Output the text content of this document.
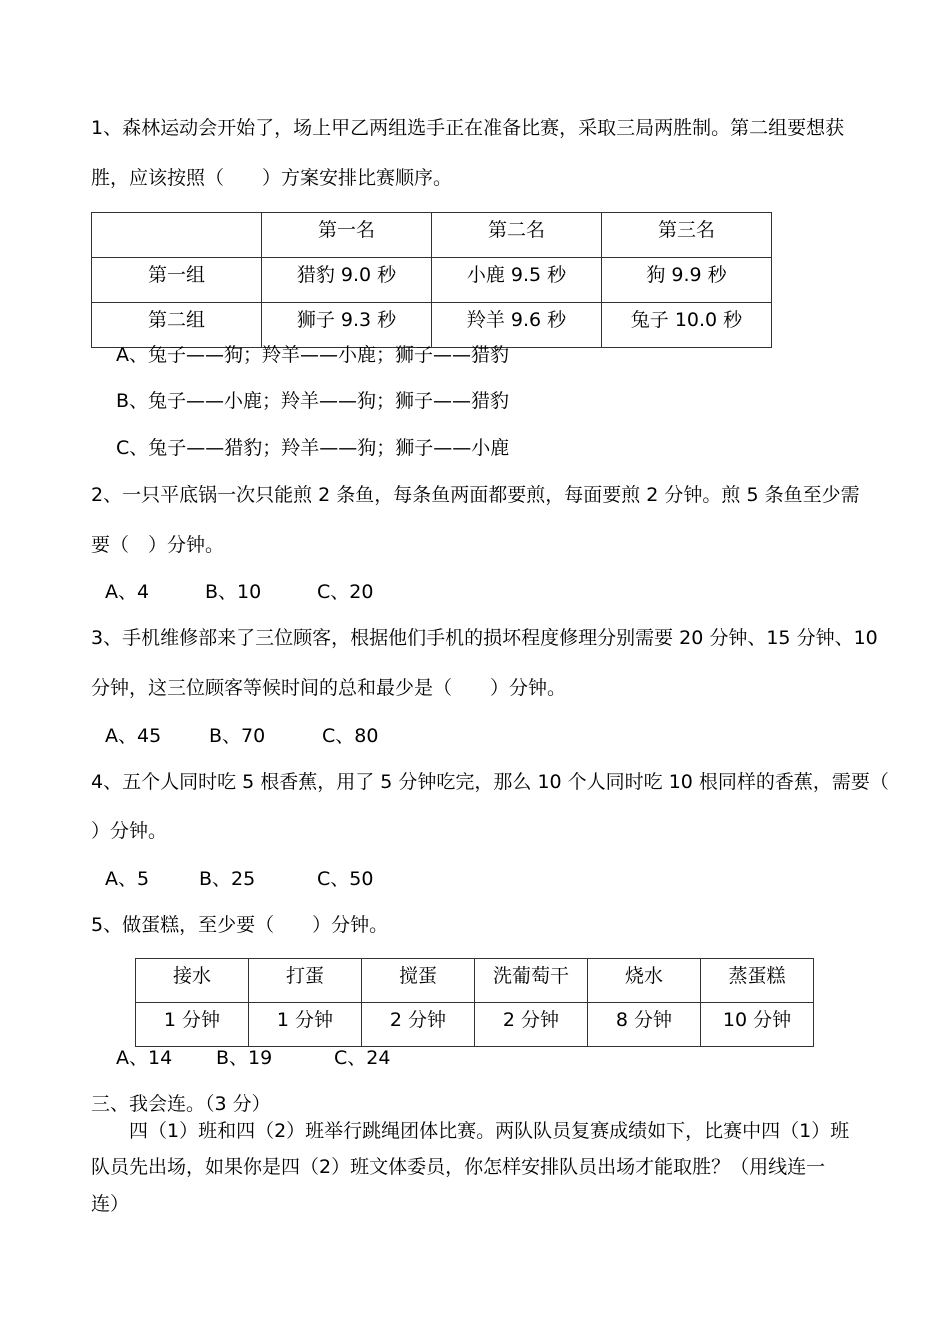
1、森林运动会开始了，场上甲乙两组选手正在准备比赛，采取三局两胜制。第二组要想获
胜，应该按照（　　）方案安排比赛顺序。
	第一名	第二名	第三名
第一组	猎豹 9.0 秒	小鹿 9.5 秒	狗 9.9 秒
第二组	狮子 9.3 秒	羚羊 9.6 秒	兔子 10.0 秒
A、兔子——狗；羚羊——小鹿；狮子——猎豹
B、兔子——小鹿；羚羊——狗；狮子——猎豹
C、兔子——猎豹；羚羊——狗；狮子——小鹿
2、一只平底锅一次只能煎 2 条鱼，每条鱼两面都要煎，每面要煎 2 分钟。煎 5 条鱼至少需
要（　）分钟。
A、4	B、10	C、20
3、手机维修部来了三位顾客，根据他们手机的损坏程度修理分别需要 20 分钟、15 分钟、10
分钟，这三位顾客等候时间的总和最少是（　　）分钟。
A、45	B、70	C、80
4、五个人同时吃 5 根香蕉，用了 5 分钟吃完，那么 10 个人同时吃 10 根同样的香蕉，需要（
）分钟。
A、5	B、25	C、50
5、做蛋糕，至少要（　　）分钟。
接水	打蛋	搅蛋	洗葡萄干	烧水	蒸蛋糕
1 分钟	1 分钟	2 分钟	2 分钟	8 分钟	10 分钟
A、14 B、19	C、24
三、我会连。（3 分）
　　四（1）班和四（2）班举行跳绳团体比赛。两队队员复赛成绩如下，比赛中四（1）班
队员先出场，如果你是四（2）班文体委员，你怎样安排队员出场才能取胜？（用线连一
连）
